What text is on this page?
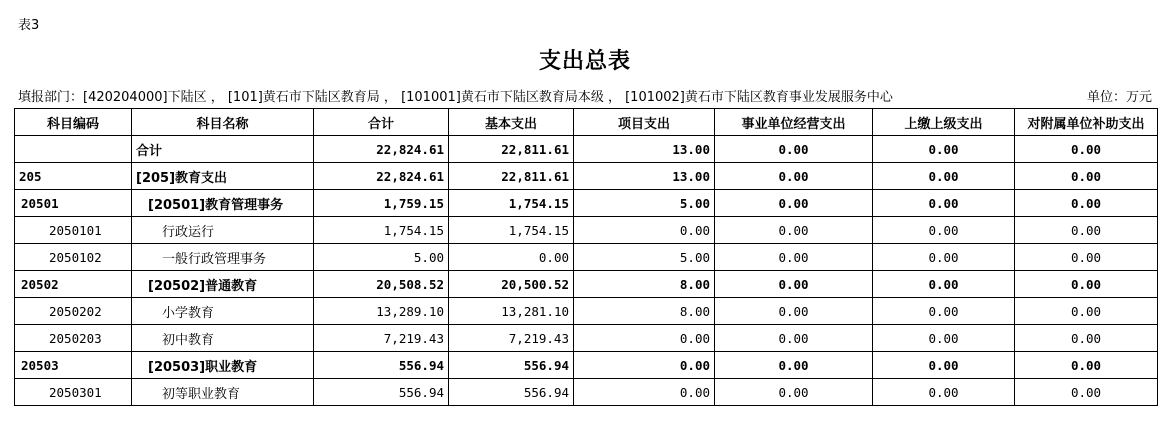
表3
支出总表
填报部门：[420204000]下陆区 ， [101]黄石市下陆区教育局 ， [101001]黄石市下陆区教育局本级 ， [101002]黄石市下陆区教育事业发展服务中心	单位：万元
科目编码	科目名称	合计	基本支出	项目支出	事业单位经营支出	上缴上级支出	对附属单位补助支出
	合计	22,824.61	22,811.61	13.00	0.00	0.00	0.00
205	[205]教育支出	22,824.61	22,811.61	13.00	0.00	0.00	0.00
20501	[20501]教育管理事务	1,759.15	1,754.15	5.00	0.00	0.00	0.00
2050101	行政运行	1,754.15	1,754.15	0.00	0.00	0.00	0.00
2050102	一般行政管理事务	5.00	0.00	5.00	0.00	0.00	0.00
20502	[20502]普通教育	20,508.52	20,500.52	8.00	0.00	0.00	0.00
2050202	小学教育	13,289.10	13,281.10	8.00	0.00	0.00	0.00
2050203	初中教育	7,219.43	7,219.43	0.00	0.00	0.00	0.00
20503	[20503]职业教育	556.94	556.94	0.00	0.00	0.00	0.00
2050301	初等职业教育	556.94	556.94	0.00	0.00	0.00	0.00
